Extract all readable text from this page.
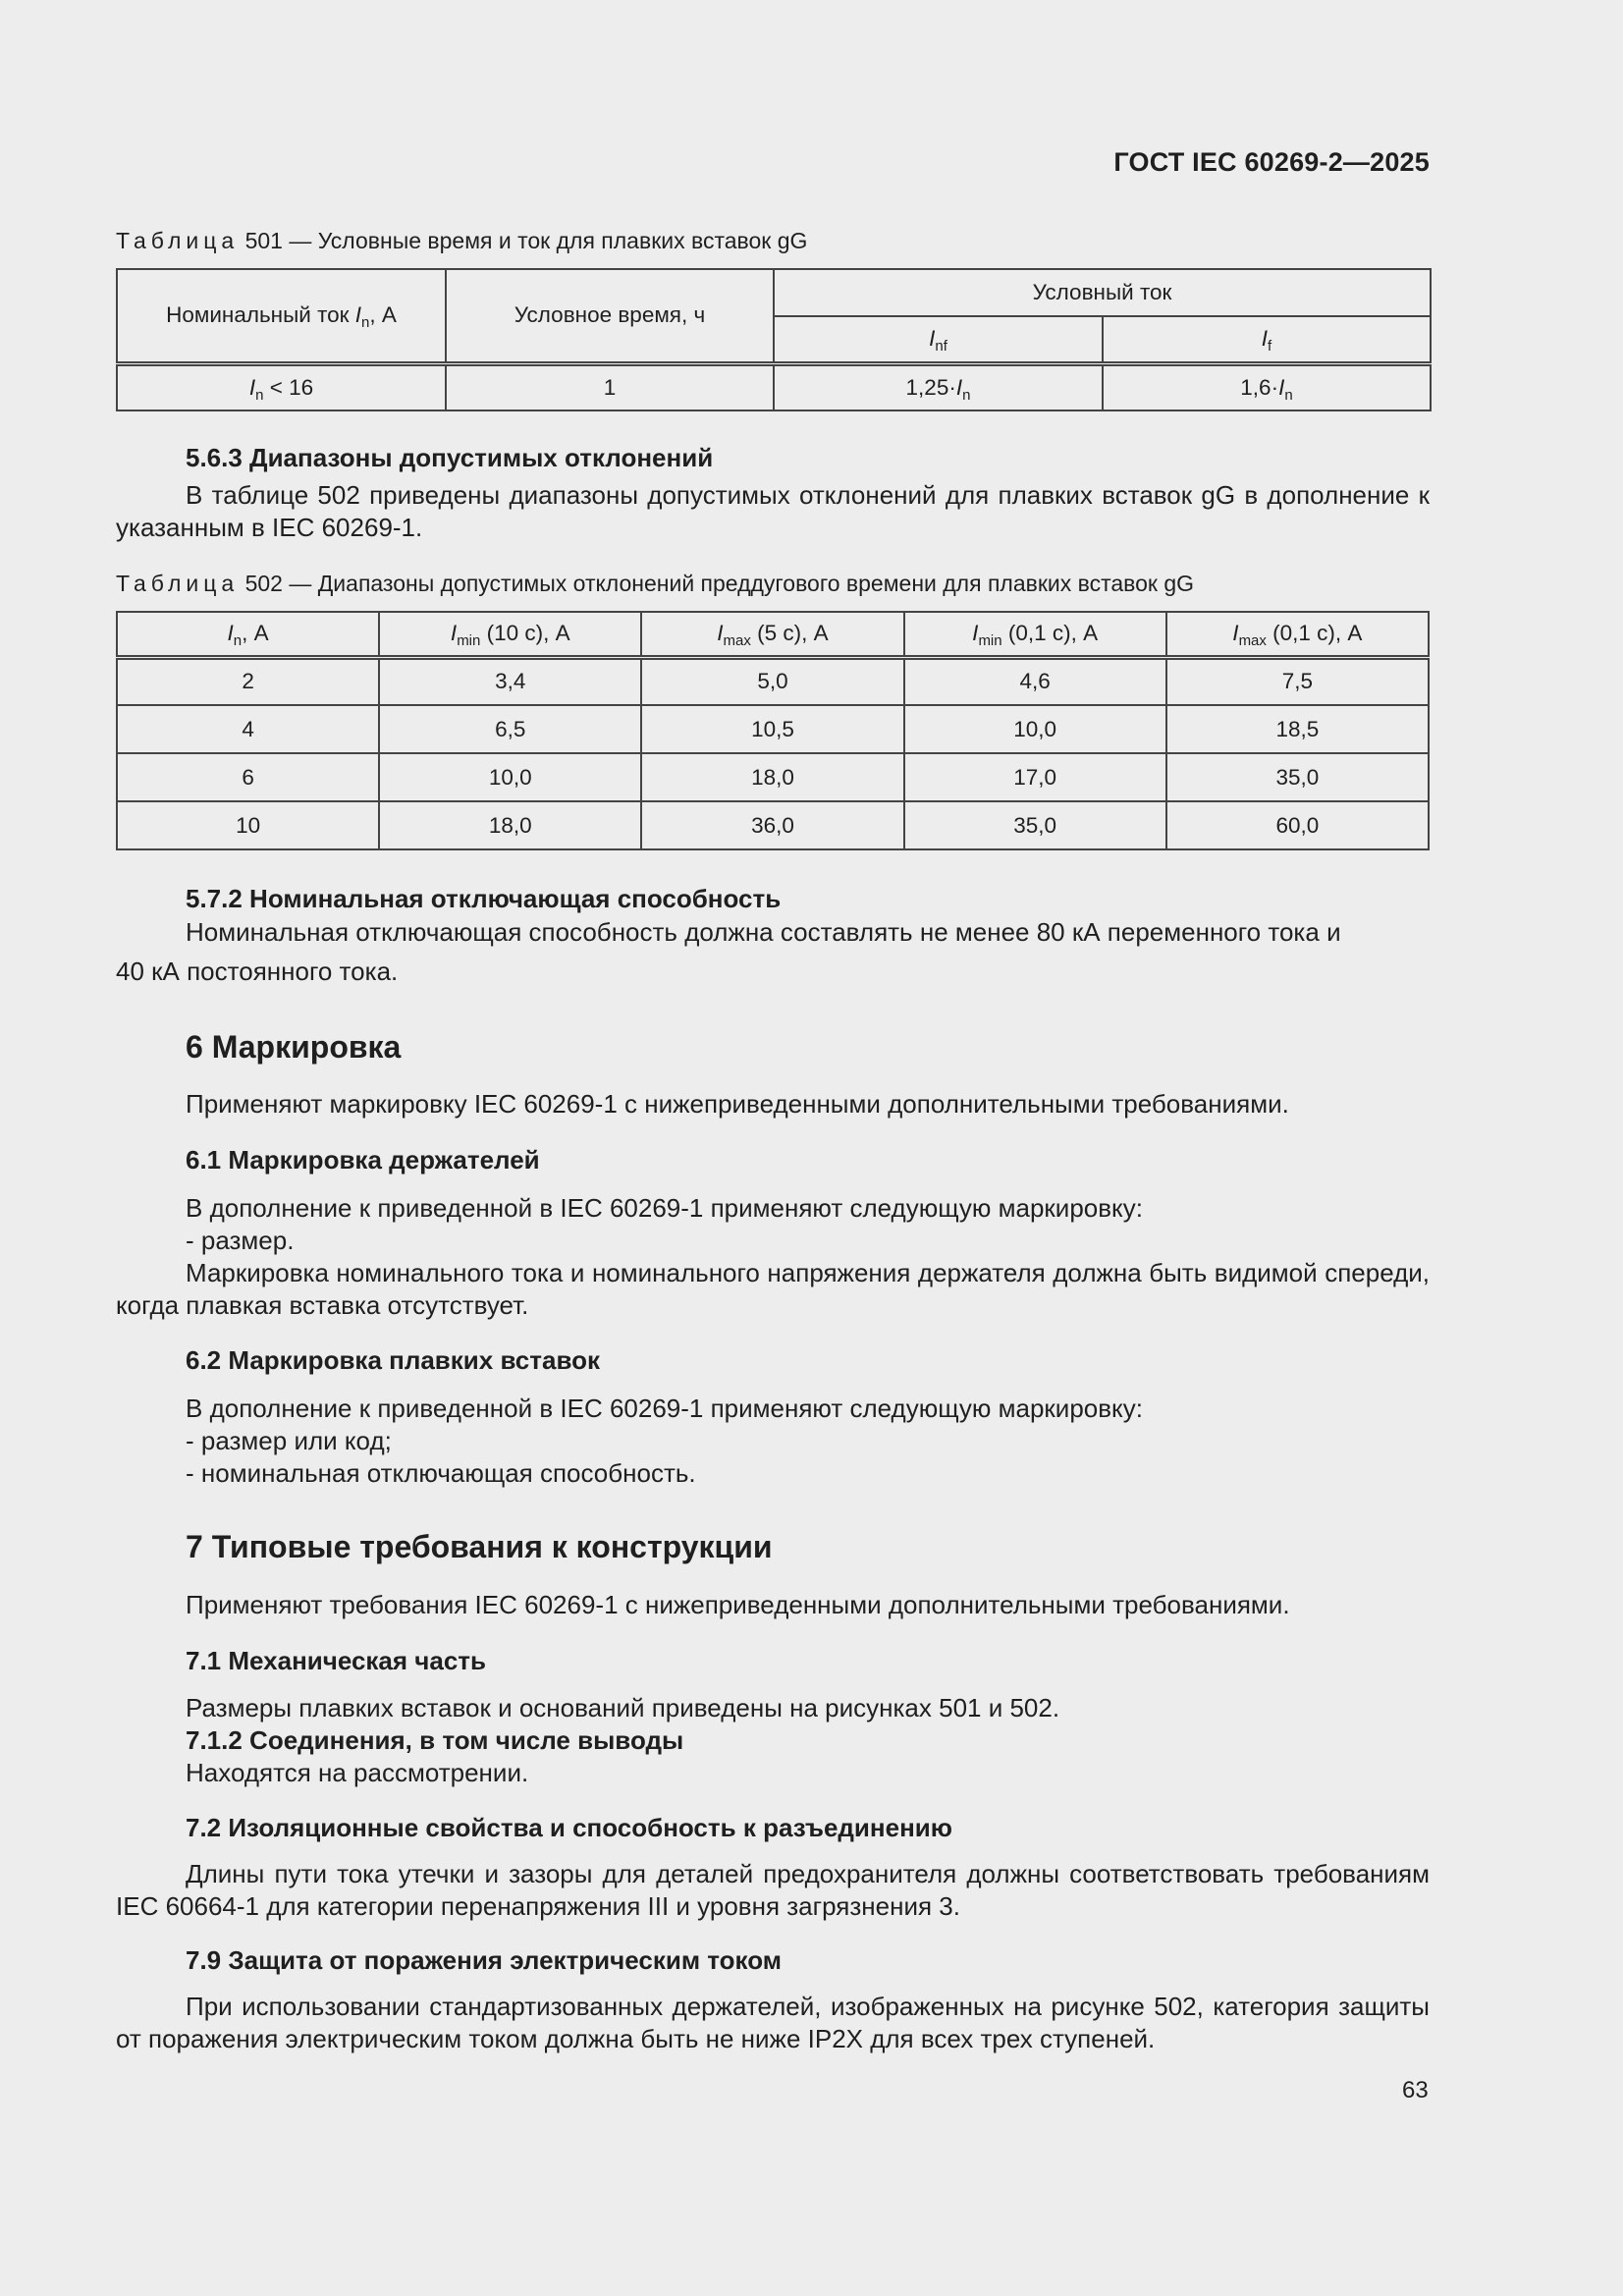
ГОСТ IEC 60269-2—2025
Таблица 501 — Условные время и ток для плавких вставок gG
Номинальный ток $I_n$, А	Условное время, ч	Условный ток	
		$I_{nf}$	$I_f$
$I_n < 16$	1	$1,25\cdot I_n$	$1,6\cdot I_n$
5.6.3 Диапазоны допустимых отклонений
В таблице 502 приведены диапазоны допустимых отклонений для плавких вставок gG в дополнение к указанным в IEC 60269-1.
Таблица 502 — Диапазоны допустимых отклонений преддугового времени для плавких вставок gG
$I_n$, А	$I_{min}$ (10 с), А	$I_{max}$ (5 с), А	$I_{min}$ (0,1 с), А	$I_{max}$ (0,1 с), А
2	3,4	5,0	4,6	7,5
4	6,5	10,5	10,0	18,5
6	10,0	18,0	17,0	35,0
10	18,0	36,0	35,0	60,0
5.7.2 Номинальная отключающая способность
Номинальная отключающая способность должна составлять не менее 80 кА переменного тока и
40 кА постоянного тока.
6 Маркировка
Применяют маркировку IEC 60269-1 с нижеприведенными дополнительными требованиями.
6.1 Маркировка держателей
В дополнение к приведенной в IEC 60269-1 применяют следующую маркировку:
- размер.
Маркировка номинального тока и номинального напряжения держателя должна быть видимой спереди, когда плавкая вставка отсутствует.
6.2 Маркировка плавких вставок
В дополнение к приведенной в IEC 60269-1 применяют следующую маркировку:
- размер или код;
- номинальная отключающая способность.
7 Типовые требования к конструкции
Применяют требования IEC 60269-1 с нижеприведенными дополнительными требованиями.
7.1 Механическая часть
Размеры плавких вставок и оснований приведены на рисунках 501 и 502.
7.1.2 Соединения, в том числе выводы
Находятся на рассмотрении.
7.2 Изоляционные свойства и способность к разъединению
Длины пути тока утечки и зазоры для деталей предохранителя должны соответствовать требованиям IEC 60664-1 для категории перенапряжения III и уровня загрязнения 3.
7.9 Защита от поражения электрическим током
При использовании стандартизованных держателей, изображенных на рисунке 502, категория защиты от поражения электрическим током должна быть не ниже IP2X для всех трех ступеней.
63
